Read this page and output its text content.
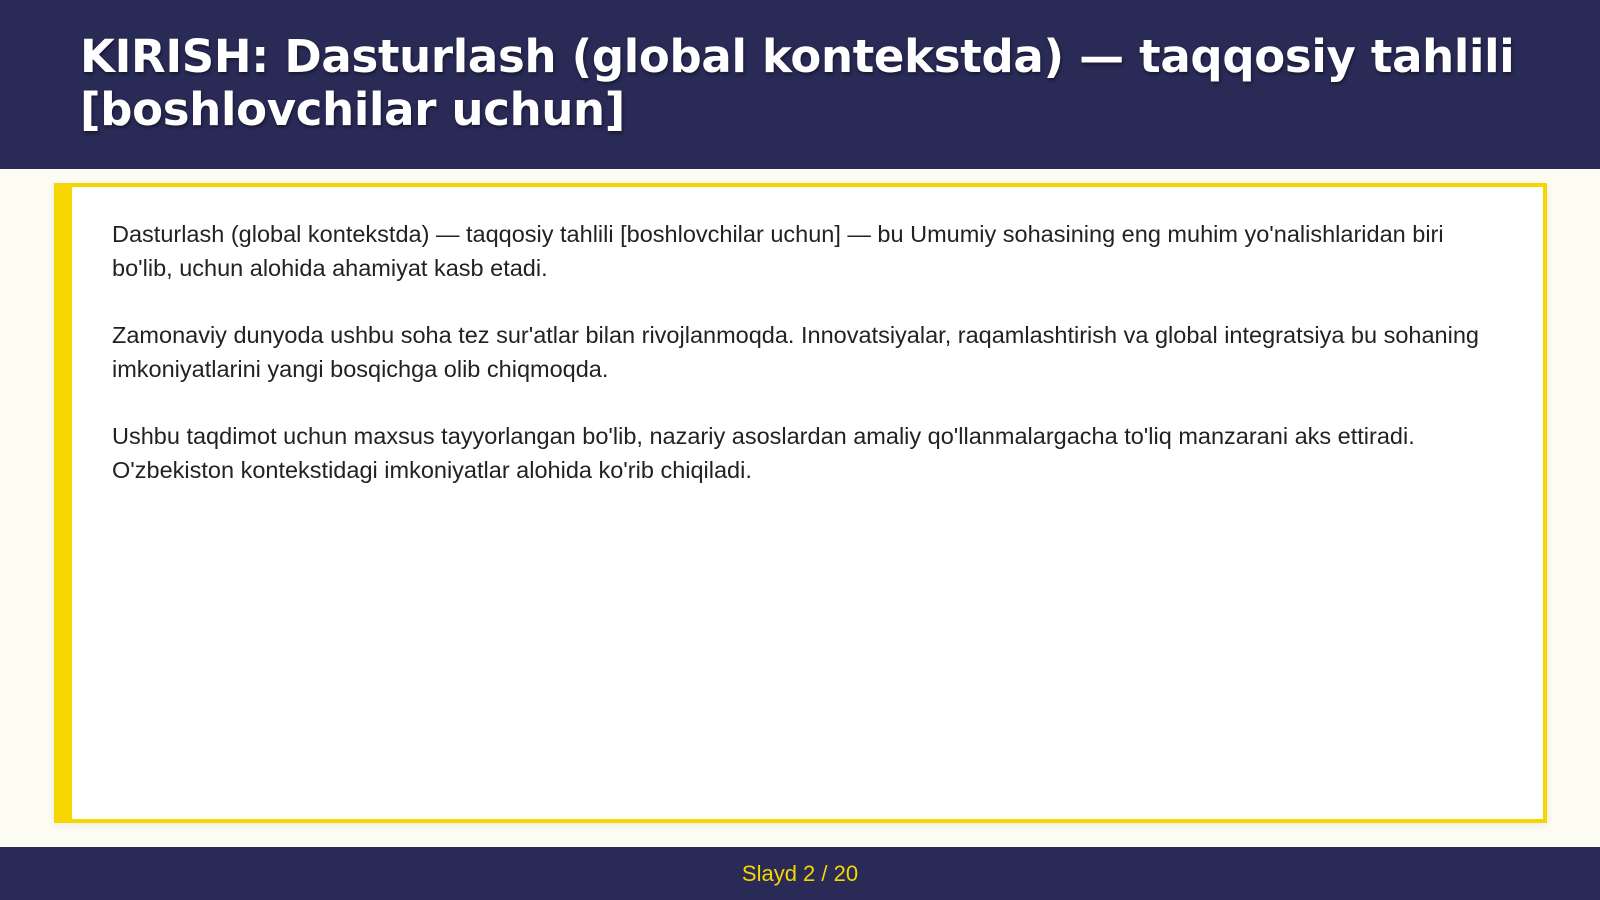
KIRISH: Dasturlash (global kontekstda) — taqqosiy tahlili [boshlovchilar uchun]

Dasturlash (global kontekstda) — taqqosiy tahlili [boshlovchilar uchun] — bu Umumiy sohasining eng muhim yo'nalishlaridan biri bo'lib, uchun alohida ahamiyat kasb etadi.

Zamonaviy dunyoda ushbu soha tez sur'atlar bilan rivojlanmoqda. Innovatsiyalar, raqamlashtirish va global integratsiya bu sohaning imkoniyatlarini yangi bosqichga olib chiqmoqda.

Ushbu taqdimot uchun maxsus tayyorlangan bo'lib, nazariy asoslardan amaliy qo'llanmalargacha to'liq manzarani aks ettiradi. O'zbekiston kontekstidagi imkoniyatlar alohida ko'rib chiqiladi.

Slayd 2 / 20
